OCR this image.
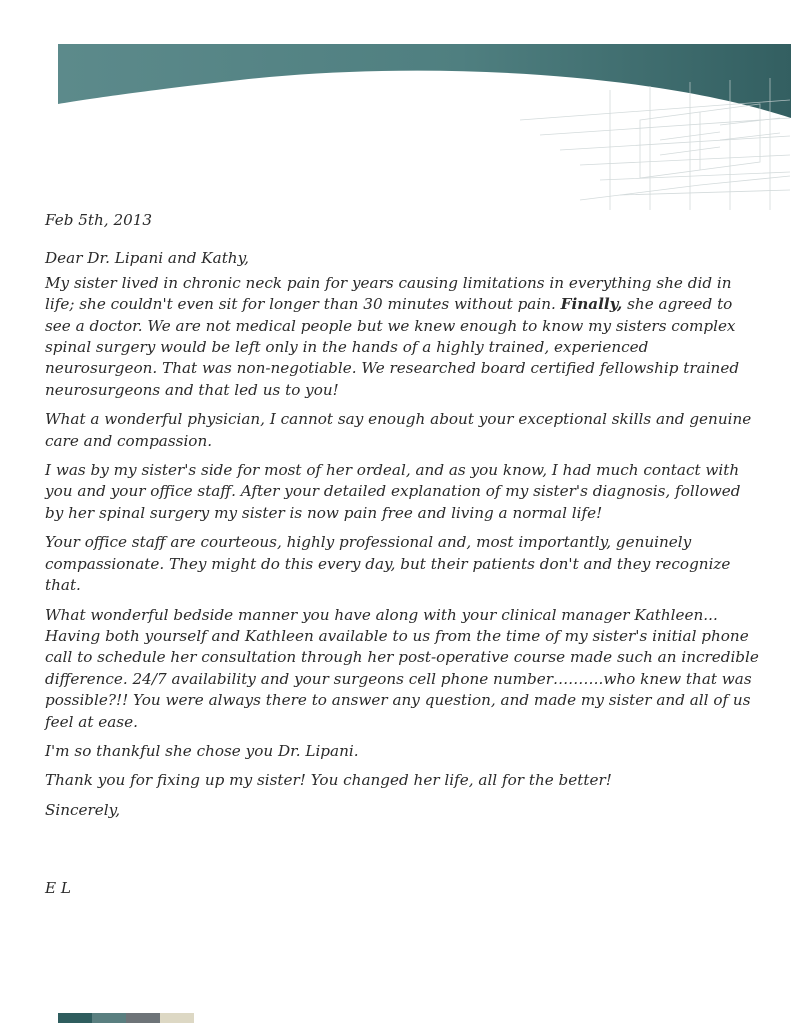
Feb 5th, 2013

Dear Dr. Lipani and Kathy,

My sister lived in chronic neck pain for years causing limitations in everything she did in life; she couldn't even sit for longer than 30 minutes without pain. Finally, she agreed to see a doctor. We are not medical people but we knew enough to know my sisters complex spinal surgery would be left only in the hands of a highly trained, experienced neurosurgeon. That was non-negotiable. We researched board certified fellowship trained neurosurgeons and that led us to you!

What a wonderful physician, I cannot say enough about your exceptional skills and genuine care and compassion.

I was by my sister's side for most of her ordeal, and as you know, I had much contact with you and your office staff. After your detailed explanation of my sister's diagnosis, followed by her spinal surgery my sister is now pain free and living a normal life!

Your office staff are courteous, highly professional and, most importantly, genuinely compassionate. They might do this every day, but their patients don't and they recognize that.

What wonderful bedside manner you have along with your clinical manager Kathleen... Having both yourself and Kathleen available to us from the time of my sister's initial phone call to schedule her consultation through her post-operative course made such an incredible difference. 24/7 availability and your surgeons cell phone number……….who knew that was possible?!! You were always there to answer any question, and made my sister and all of us feel at ease.

I'm so thankful she chose you Dr. Lipani.

Thank you for fixing up my sister! You changed her life, all for the better!

Sincerely,

E L
